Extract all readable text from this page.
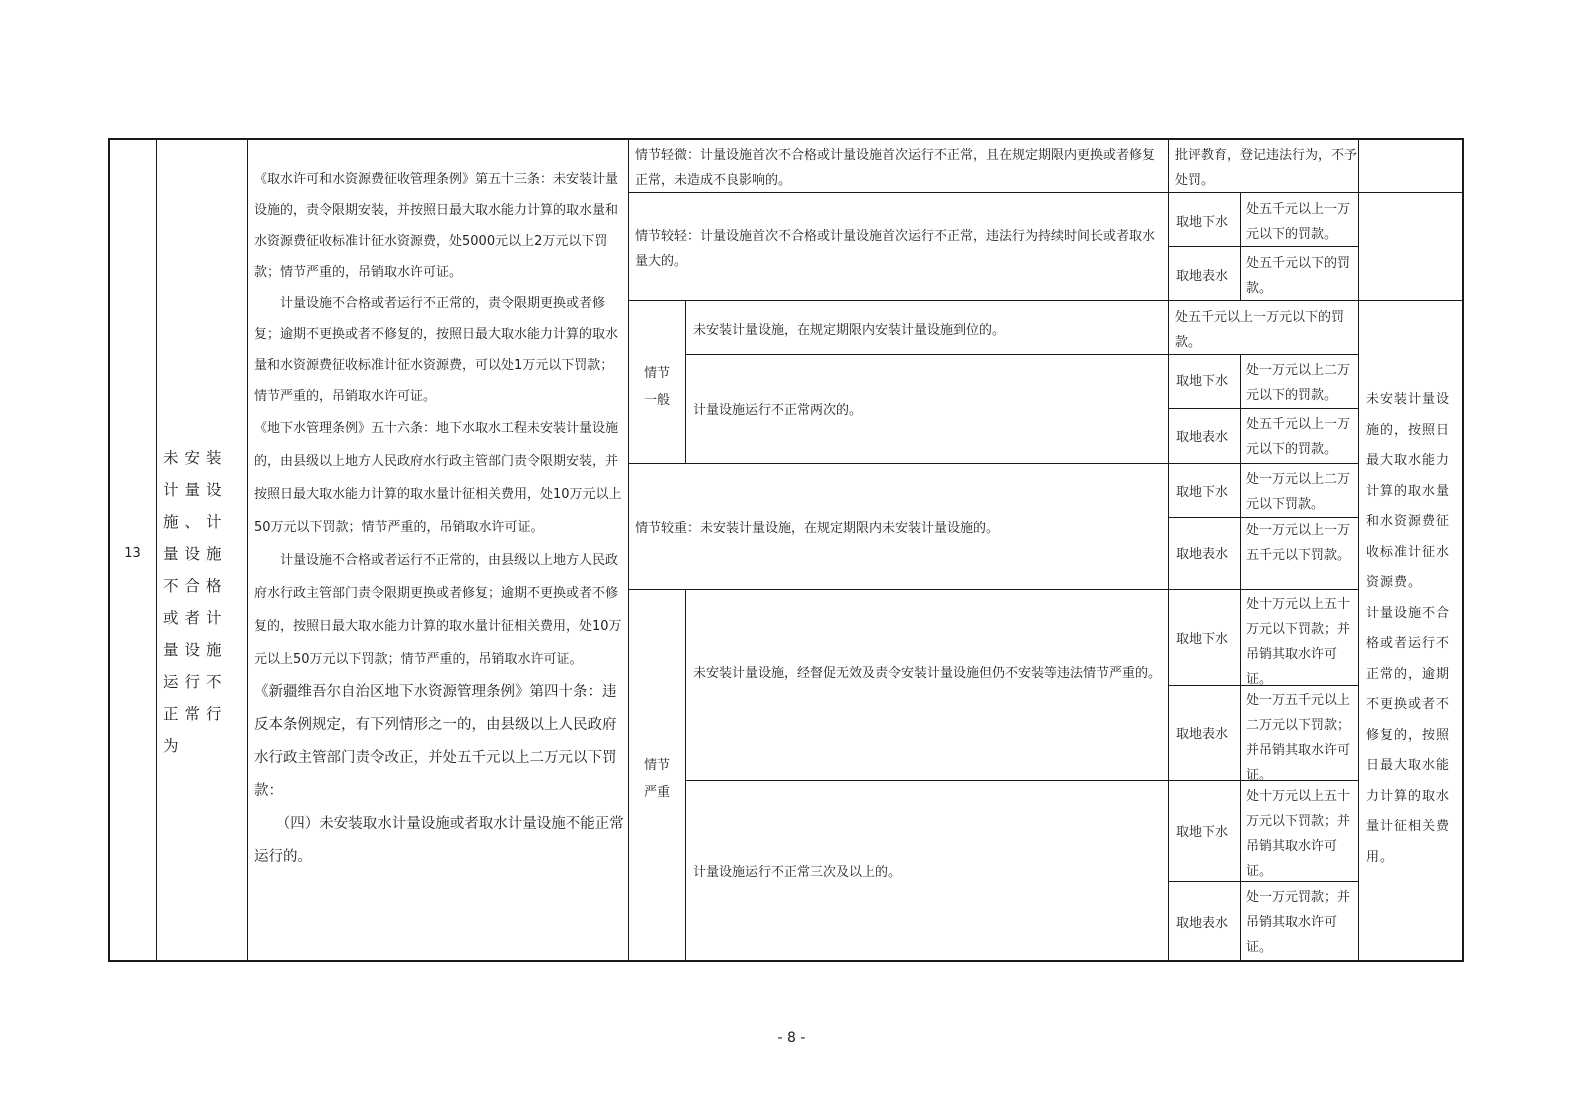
13
未安装计量设施、计量设施不合格或者计量设施运行不正常行为
《取水许可和水资源费征收管理条例》第五十三条：未安装计量设施的，责令限期安装，并按照日最大取水能力计算的取水量和水资源费征收标准计征水资源费，处5000元以上2万元以下罚款；情节严重的，吊销取水许可证。
　　计量设施不合格或者运行不正常的，责令限期更换或者修复；逾期不更换或者不修复的，按照日最大取水能力计算的取水量和水资源费征收标准计征水资源费，可以处1万元以下罚款；情节严重的，吊销取水许可证。
《地下水管理条例》五十六条：地下水取水工程未安装计量设施的，由县级以上地方人民政府水行政主管部门责令限期安装，并按照日最大取水能力计算的取水量计征相关费用，处10万元以上50万元以下罚款；情节严重的，吊销取水许可证。
　　计量设施不合格或者运行不正常的，由县级以上地方人民政府水行政主管部门责令限期更换或者修复；逾期不更换或者不修复的，按照日最大取水能力计算的取水量计征相关费用，处10万元以上50万元以下罚款；情节严重的，吊销取水许可证。
《新疆维吾尔自治区地下水资源管理条例》第四十条：违反本条例规定，有下列情形之一的，由县级以上人民政府水行政主管部门责令改正，并处五千元以上二万元以下罚款：
　　（四）未安装取水计量设施或者取水计量设施不能正常运行的。
情节轻微：计量设施首次不合格或计量设施首次运行不正常，且在规定期限内更换或者修复正常，未造成不良影响的。
批评教育，登记违法行为，不予处罚。
情节较轻：计量设施首次不合格或计量设施首次运行不正常，违法行为持续时间长或者取水量大的。
取地下水
处五千元以上一万元以下的罚款。
取地表水
处五千元以下的罚款。
情节
一般
未安装计量设施，在规定期限内安装计量设施到位的。
处五千元以上一万元以下的罚款。
计量设施运行不正常两次的。
取地下水
处一万元以上二万元以下的罚款。
取地表水
处五千元以上一万元以下的罚款。
情节较重：未安装计量设施，在规定期限内未安装计量设施的。
取地下水
处一万元以上二万元以下罚款。
取地表水
处一万元以上一万五千元以下罚款。
情节
严重
未安装计量设施，经督促无效及责令安装计量设施但仍不安装等违法情节严重的。
取地下水
处十万元以上五十万元以下罚款；并吊销其取水许可证。
取地表水
处一万五千元以上二万元以下罚款；并吊销其取水许可证。
计量设施运行不正常三次及以上的。
取地下水
处十万元以上五十万元以下罚款；并吊销其取水许可证。
取地表水
处一万元罚款；并吊销其取水许可证。
未安装计量设施的，按照日最大取水能力计算的取水量和水资源费征收标准计征水资源费。
计量设施不合格或者运行不正常的，逾期不更换或者不修复的，按照日最大取水能力计算的取水量计征相关费用。
- 8 -
